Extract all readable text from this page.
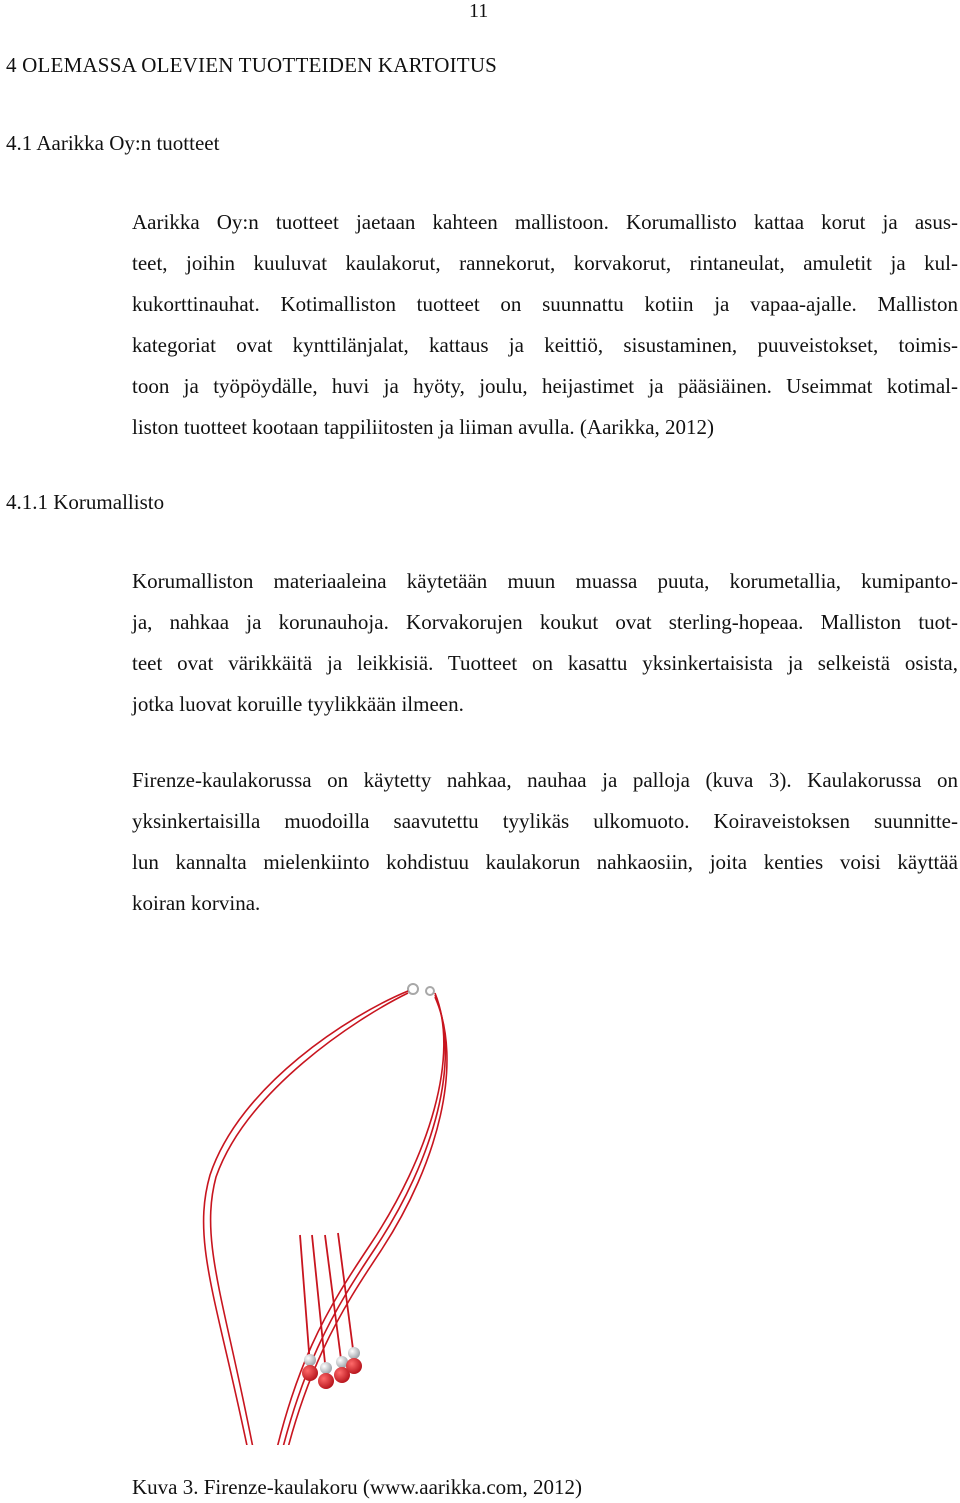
11
4 OLEMASSA OLEVIEN TUOTTEIDEN KARTOITUS
4.1 Aarikka Oy:n tuotteet
Aarikka Oy:n tuotteet jaetaan kahteen mallistoon. Korumallisto kattaa korut ja asus-
teet, joihin kuuluvat kaulakorut, rannekorut, korvakorut, rintaneulat, amuletit ja kul-
kukorttinauhat. Kotimalliston tuotteet on suunnattu kotiin ja vapaa-ajalle. Malliston
kategoriat ovat kynttilänjalat, kattaus ja keittiö, sisustaminen, puuveistokset, toimis-
toon ja työpöydälle, huvi ja hyöty, joulu, heijastimet ja pääsiäinen. Useimmat kotimal-
liston tuotteet kootaan tappiliitosten ja liiman avulla. (Aarikka, 2012)
4.1.1 Korumallisto
Korumalliston materiaaleina käytetään muun muassa puuta, korumetallia, kumipanto-
ja, nahkaa ja korunauhoja. Korvakorujen koukut ovat sterling-hopeaa. Malliston tuot-
teet ovat värikkäitä ja leikkisiä. Tuotteet on kasattu yksinkertaisista ja selkeistä osista,
jotka luovat koruille tyylikkään ilmeen.
Firenze-kaulakorussa on käytetty nahkaa, nauhaa ja palloja (kuva 3). Kaulakorussa on
yksinkertaisilla muodoilla saavutettu tyylikäs ulkomuoto. Koiraveistoksen suunnitte-
lun kannalta mielenkiinto kohdistuu kaulakorun nahkaosiin, joita kenties voisi käyttää
koiran korvina.
Kuva 3. Firenze-kaulakoru (www.aarikka.com, 2012)
